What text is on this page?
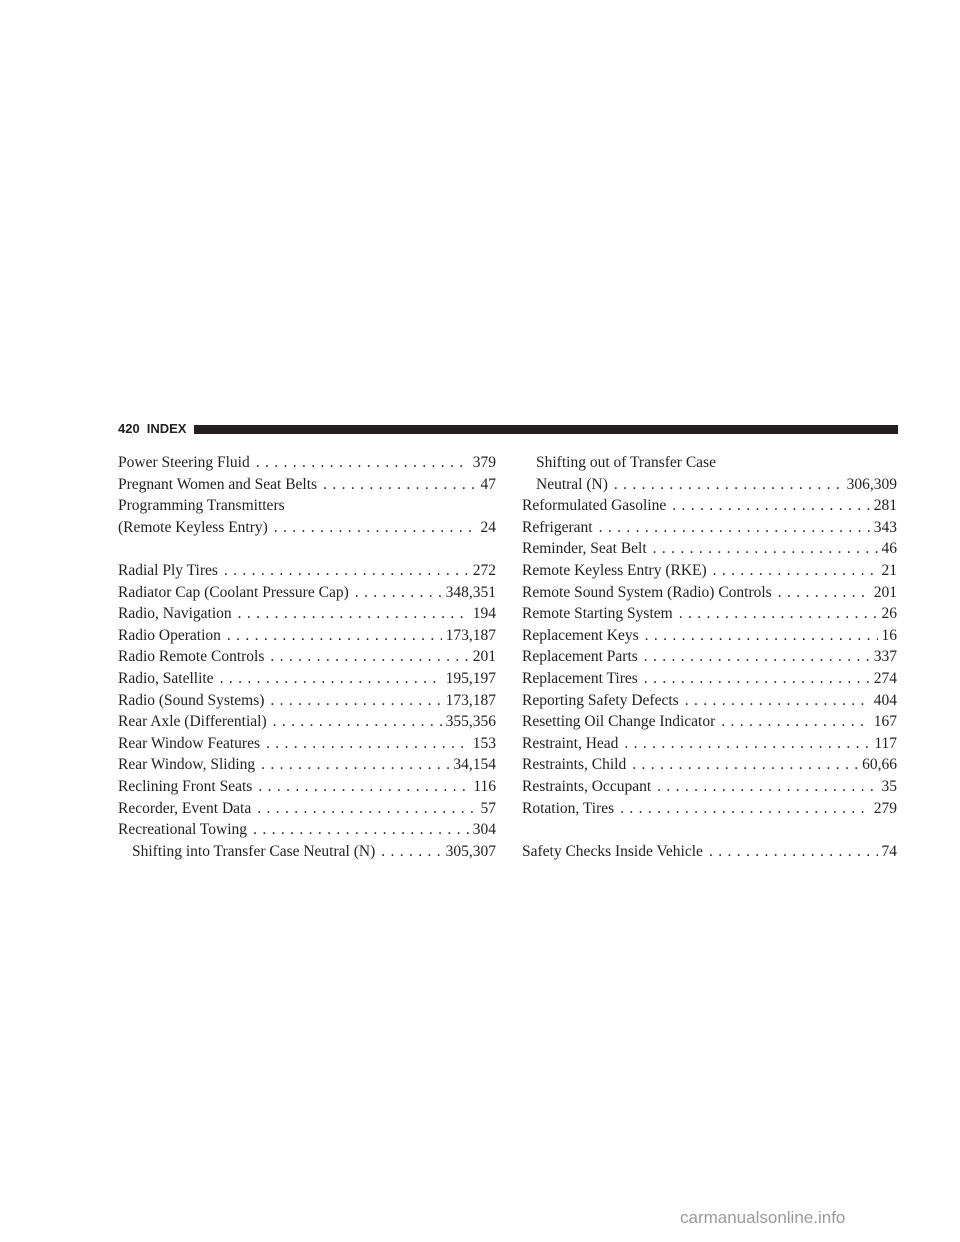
420 INDEX
Power Steering Fluid . . .	379
Pregnant Women and Seat Belts . . .	47
Programming Transmitters
(Remote Keyless Entry) . . .	24
Radial Ply Tires . . .	272
Radiator Cap (Coolant Pressure Cap) . . .	348,351
Radio, Navigation . . .	194
Radio Operation . . .	173,187
Radio Remote Controls . . .	201
Radio, Satellite . . .	195,197
Radio (Sound Systems) . . .	173,187
Rear Axle (Differential) . . .	355,356
Rear Window Features . . .	153
Rear Window, Sliding . . .	34,154
Reclining Front Seats . . .	116
Recorder, Event Data . . .	57
Recreational Towing . . .	304
Shifting into Transfer Case Neutral (N) . . .	305,307
Shifting out of Transfer Case
Neutral (N) . . .	306,309
Reformulated Gasoline . . .	281
Refrigerant . . .	343
Reminder, Seat Belt . . .	46
Remote Keyless Entry (RKE) . . .	21
Remote Sound System (Radio) Controls . . .	201
Remote Starting System . . .	26
Replacement Keys . . .	16
Replacement Parts . . .	337
Replacement Tires . . .	274
Reporting Safety Defects . . .	404
Resetting Oil Change Indicator . . .	167
Restraint, Head . . .	117
Restraints, Child . . .	60,66
Restraints, Occupant . . .	35
Rotation, Tires . . .	279
Safety Checks Inside Vehicle . . .	74
carmanualsonline.info
